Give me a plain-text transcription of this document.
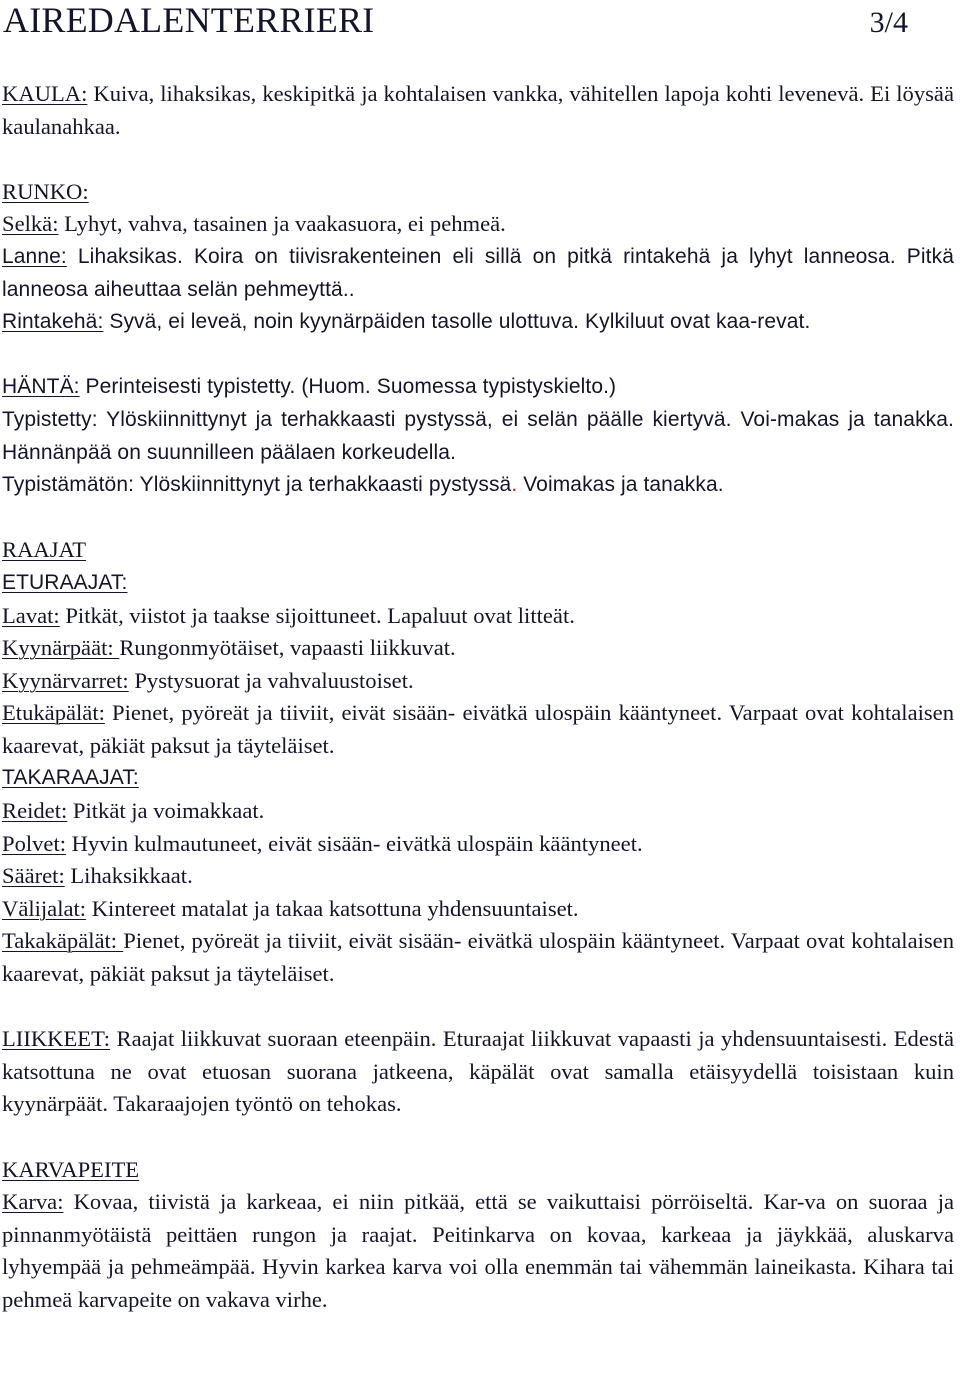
AIREDALENTERRIERI	3/4

KAULA: Kuiva, lihaksikas, keskipitkä ja kohtalaisen vankka, vähitellen lapoja kohti levenevä. Ei löysää kaulanahkaa.

RUNKO:

Selkä: Lyhyt, vahva, tasainen ja vaakasuora, ei pehmeä.

Lanne: Lihaksikas. Koira on tiivisrakenteinen eli sillä on pitkä rintakehä ja lyhyt lanneosa. Pitkä lanneosa aiheuttaa selän pehmeyttä..

Rintakehä: Syvä, ei leveä, noin kyynärpäiden tasolle ulottuva. Kylkiluut ovat kaa-revat.

HÄNTÄ: Perinteisesti typistetty. (Huom. Suomessa typistyskielto.)

Typistetty: Ylöskiinnittynyt ja terhakkaasti pystyssä, ei selän päälle kiertyvä. Voi-makas ja tanakka. Hännänpää on suunnilleen päälaen korkeudella.

Typistämätön: Ylöskiinnittynyt ja terhakkaasti pystyssä. Voimakas ja tanakka.

RAAJAT

ETURAAJAT:

Lavat: Pitkät, viistot ja taakse sijoittuneet. Lapaluut ovat litteät.

Kyynärpäät: Rungonmyötäiset, vapaasti liikkuvat.

Kyynärvarret: Pystysuorat ja vahvaluustoiset.

Etukäpälät: Pienet, pyöreät ja tiiviit, eivät sisään- eivätkä ulospäin kääntyneet. Varpaat ovat kohtalaisen kaarevat, päkiät paksut ja täyteläiset.

TAKARAAJAT:

Reidet: Pitkät ja voimakkaat.

Polvet: Hyvin kulmautuneet, eivät sisään- eivätkä ulospäin kääntyneet.

Sääret: Lihaksikkaat.

Välijalat: Kintereet matalat ja takaa katsottuna yhdensuuntaiset.

Takakäpälät: Pienet, pyöreät ja tiiviit, eivät sisään- eivätkä ulospäin kääntyneet. Varpaat ovat kohtalaisen kaarevat, päkiät paksut ja täyteläiset.

LIIKKEET: Raajat liikkuvat suoraan eteenpäin. Eturaajat liikkuvat vapaasti ja yhdensuuntaisesti. Edestä katsottuna ne ovat etuosan suorana jatkeena, käpälät ovat samalla etäisyydellä toisistaan kuin kyynärpäät. Takaraajojen työntö on tehokas.

KARVAPEITE

Karva: Kovaa, tiivistä ja karkeaa, ei niin pitkää, että se vaikuttaisi pörröiseltä. Kar-va on suoraa ja pinnanmyötäistä peittäen rungon ja raajat. Peitinkarva on kovaa, karkeaa ja jäykkää, aluskarva lyhyempää ja pehmeämpää. Hyvin karkea karva voi olla enemmän tai vähemmän laineikasta. Kihara tai pehmeä karvapeite on vakava virhe.
